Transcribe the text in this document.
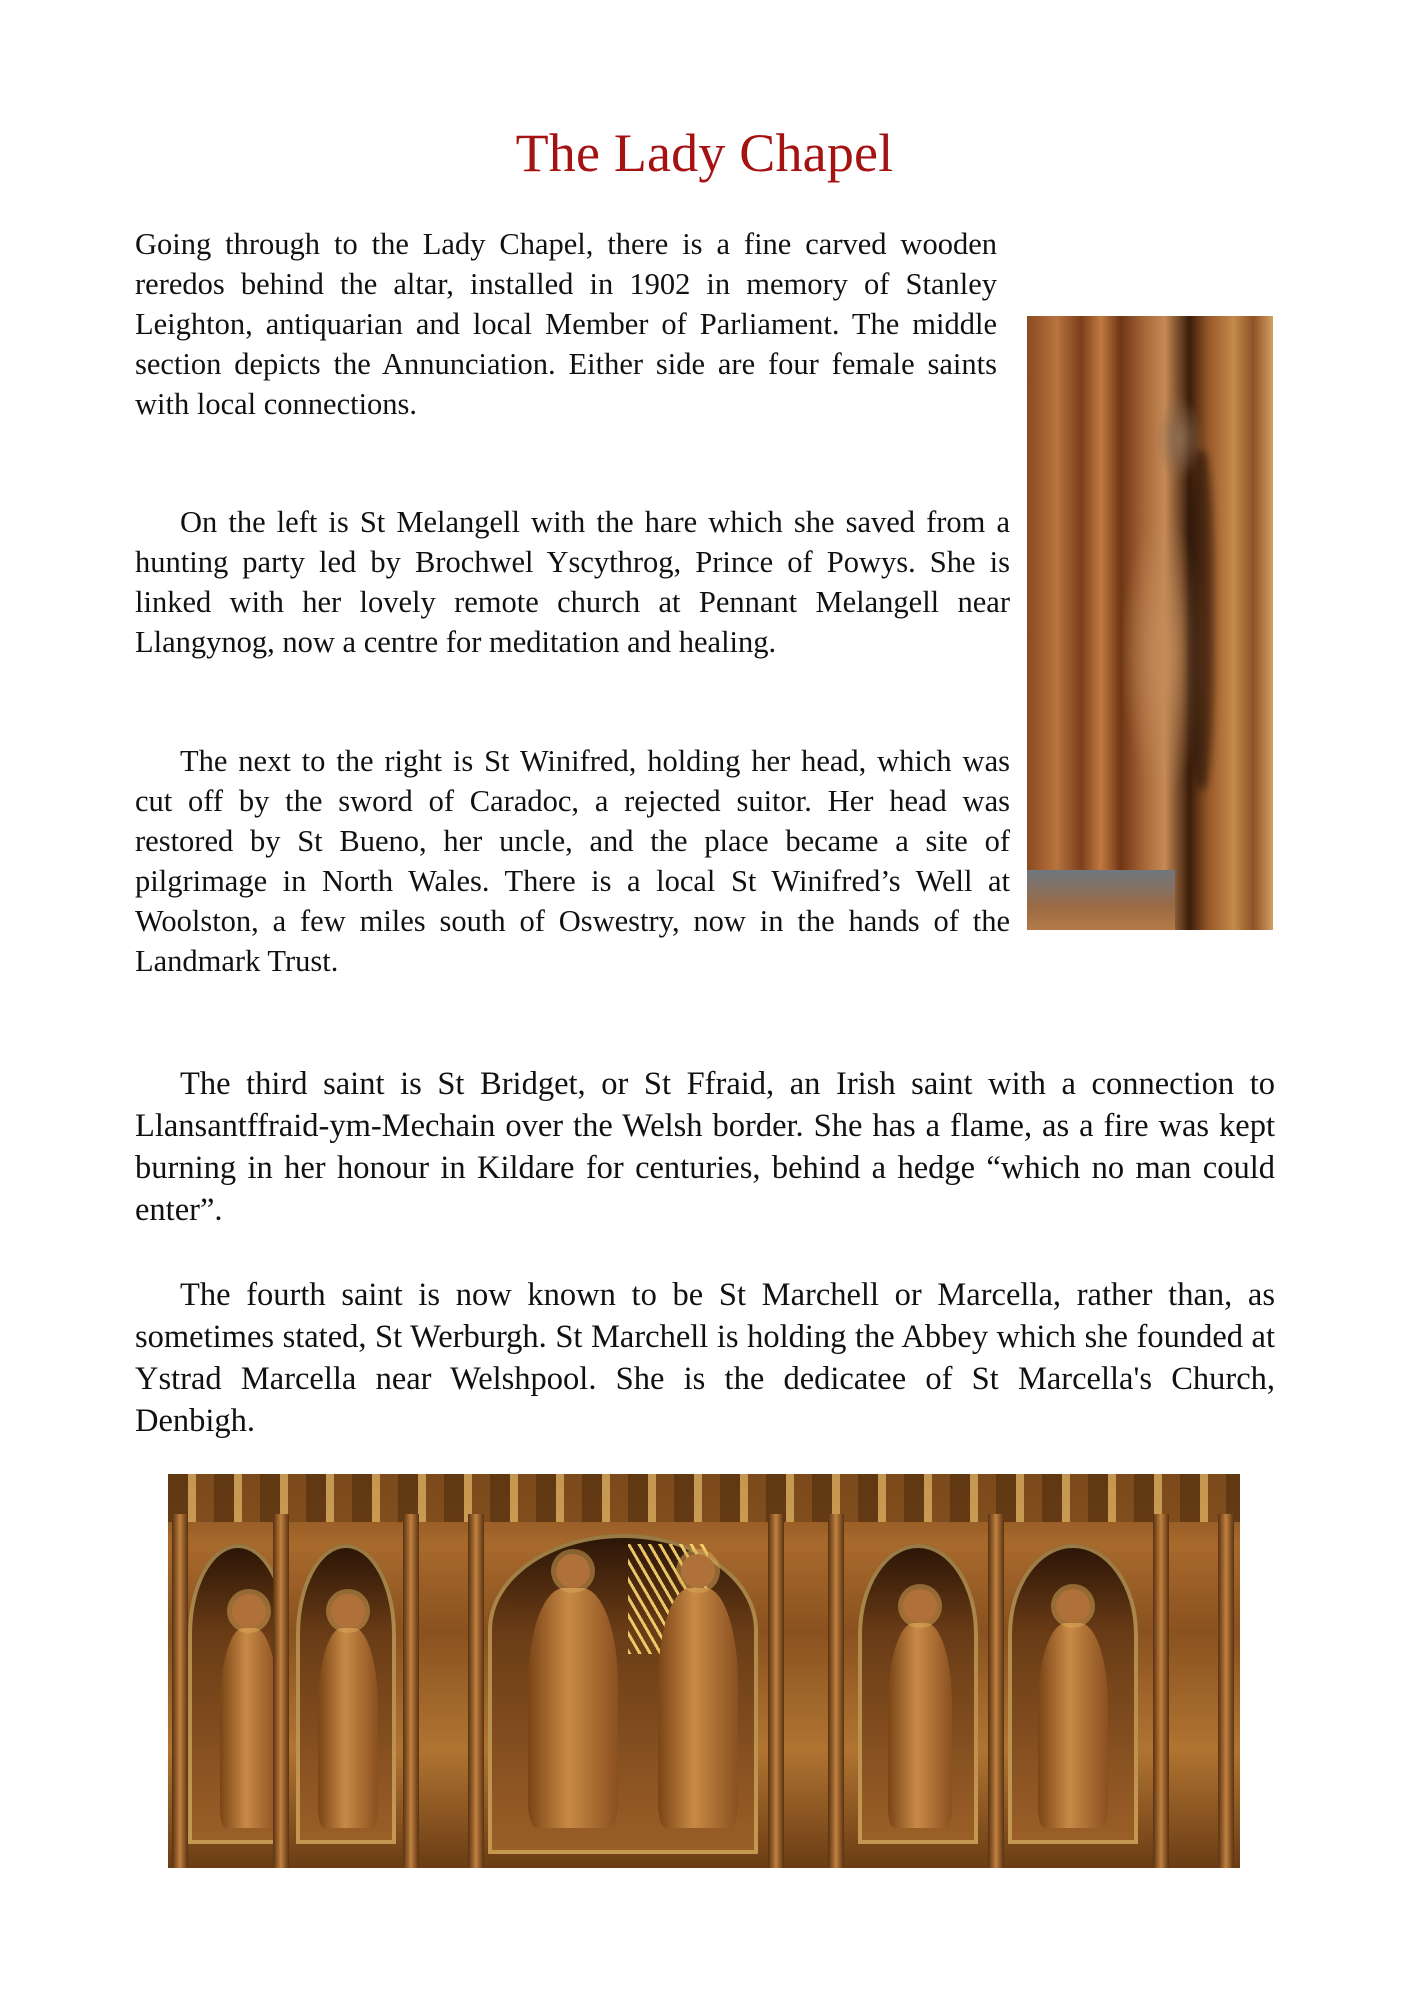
The Lady Chapel

Going through to the Lady Chapel, there is a fine carved wooden reredos behind the altar, installed in 1902 in memory of Stanley Leighton, antiquarian and local Member of Parliament. The middle section depicts the Annunciation. Either side are four female saints with local connections.

On the left is St Melangell with the hare which she saved from a hunting party led by Brochwel Yscythrog, Prince of Powys. She is linked with her lovely remote church at Pennant Melangell near Llangynog, now a centre for meditation and healing.

The next to the right is St Winifred, holding her head, which was cut off by the sword of Caradoc, a rejected suitor. Her head was restored by St Bueno, her uncle, and the place became a site of pilgrimage in North Wales. There is a local St Winifred’s Well at Woolston, a few miles south of Oswestry, now in the hands of the Landmark Trust.

The third saint is St Bridget, or St Ffraid, an Irish saint with a connection to Llansantffraid-ym-Mechain over the Welsh border. She has a flame, as a fire was kept burning in her honour in Kildare for centuries, behind a hedge “which no man could enter”.

The fourth saint is now known to be St Marchell or Marcella, rather than, as sometimes stated, St Werburgh. St Marchell is holding the Abbey which she founded at Ystrad Marcella near Welshpool. She is the dedicatee of St Marcella's Church, Denbigh.
